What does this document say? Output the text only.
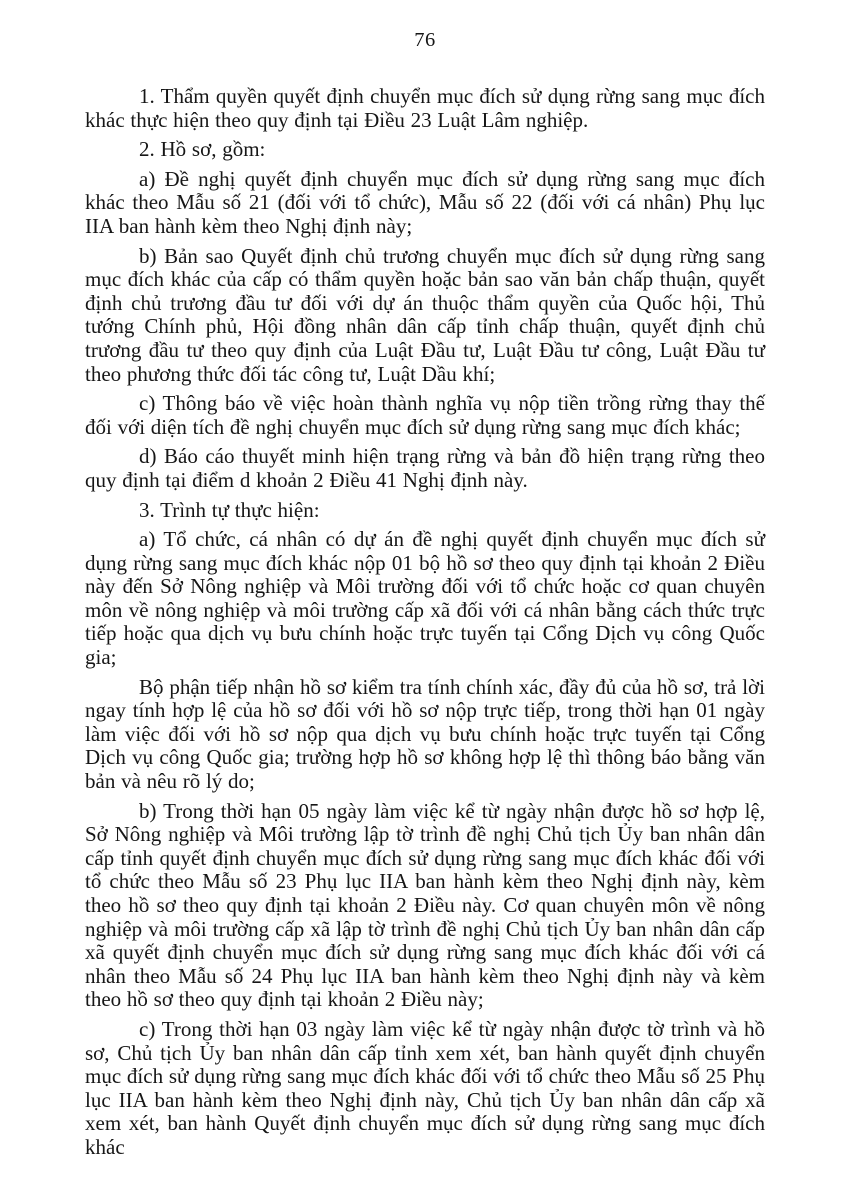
76

1. Thẩm quyền quyết định chuyển mục đích sử dụng rừng sang mục đích khác thực hiện theo quy định tại Điều 23 Luật Lâm nghiệp.

2. Hồ sơ, gồm:

a) Đề nghị quyết định chuyển mục đích sử dụng rừng sang mục đích khác theo Mẫu số 21 (đối với tổ chức), Mẫu số 22 (đối với cá nhân) Phụ lục IIA ban hành kèm theo Nghị định này;

b) Bản sao Quyết định chủ trương chuyển mục đích sử dụng rừng sang mục đích khác của cấp có thẩm quyền hoặc bản sao văn bản chấp thuận, quyết định chủ trương đầu tư đối với dự án thuộc thẩm quyền của Quốc hội, Thủ tướng Chính phủ, Hội đồng nhân dân cấp tỉnh chấp thuận, quyết định chủ trương đầu tư theo quy định của Luật Đầu tư, Luật Đầu tư công, Luật Đầu tư theo phương thức đối tác công tư, Luật Dầu khí;

c) Thông báo về việc hoàn thành nghĩa vụ nộp tiền trồng rừng thay thế đối với diện tích đề nghị chuyển mục đích sử dụng rừng sang mục đích khác;

d) Báo cáo thuyết minh hiện trạng rừng và bản đồ hiện trạng rừng theo quy định tại điểm d khoản 2 Điều 41 Nghị định này.

3. Trình tự thực hiện:

a) Tổ chức, cá nhân có dự án đề nghị quyết định chuyển mục đích sử dụng rừng sang mục đích khác nộp 01 bộ hồ sơ theo quy định tại khoản 2 Điều này đến Sở Nông nghiệp và Môi trường đối với tổ chức hoặc cơ quan chuyên môn về nông nghiệp và môi trường cấp xã đối với cá nhân bằng cách thức trực tiếp hoặc qua dịch vụ bưu chính hoặc trực tuyến tại Cổng Dịch vụ công Quốc gia;

Bộ phận tiếp nhận hồ sơ kiểm tra tính chính xác, đầy đủ của hồ sơ, trả lời ngay tính hợp lệ của hồ sơ đối với hồ sơ nộp trực tiếp, trong thời hạn 01 ngày làm việc đối với hồ sơ nộp qua dịch vụ bưu chính hoặc trực tuyến tại Cổng Dịch vụ công Quốc gia; trường hợp hồ sơ không hợp lệ thì thông báo bằng văn bản và nêu rõ lý do;

b) Trong thời hạn 05 ngày làm việc kể từ ngày nhận được hồ sơ hợp lệ, Sở Nông nghiệp và Môi trường lập tờ trình đề nghị Chủ tịch Ủy ban nhân dân cấp tỉnh quyết định chuyển mục đích sử dụng rừng sang mục đích khác đối với tổ chức theo Mẫu số 23 Phụ lục IIA ban hành kèm theo Nghị định này, kèm theo hồ sơ theo quy định tại khoản 2 Điều này. Cơ quan chuyên môn về nông nghiệp và môi trường cấp xã lập tờ trình đề nghị Chủ tịch Ủy ban nhân dân cấp xã quyết định chuyển mục đích sử dụng rừng sang mục đích khác đối với cá nhân theo Mẫu số 24 Phụ lục IIA ban hành kèm theo Nghị định này và kèm theo hồ sơ theo quy định tại khoản 2 Điều này;

c) Trong thời hạn 03 ngày làm việc kể từ ngày nhận được tờ trình và hồ sơ, Chủ tịch Ủy ban nhân dân cấp tỉnh xem xét, ban hành quyết định chuyển mục đích sử dụng rừng sang mục đích khác đối với tổ chức theo Mẫu số 25 Phụ lục IIA ban hành kèm theo Nghị định này, Chủ tịch Ủy ban nhân dân cấp xã xem xét, ban hành Quyết định chuyển mục đích sử dụng rừng sang mục đích khác
